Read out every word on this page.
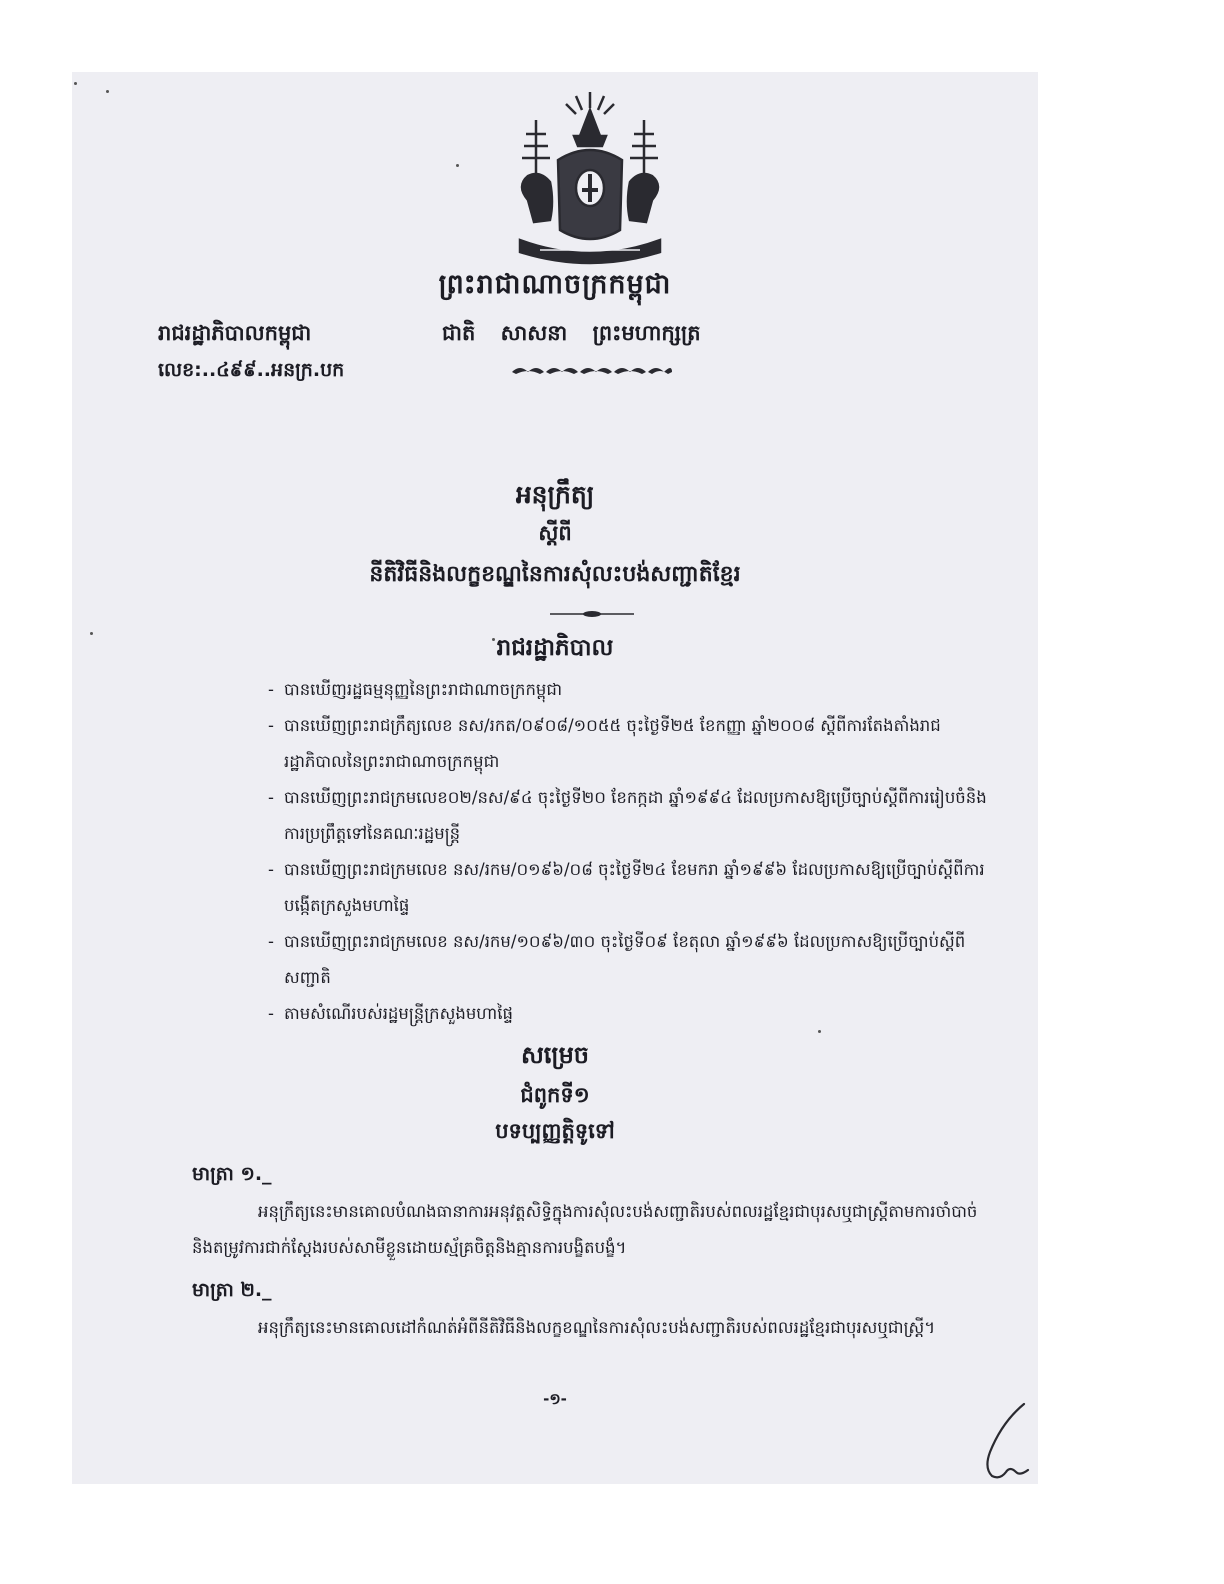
ព្រះរាជាណាចក្រកម្ពុជា
រាជរដ្ឋាភិបាលកម្ពុជា	ជាតិ សាសនា ព្រះមហាក្សត្រ
លេខ:..៤៩៩..អនក្រ.បក
អនុក្រឹត្យ
ស្តីពី
នីតិវិធីនិងលក្ខខណ្ឌនៃការសុំលះបង់សញ្ជាតិខ្មែរ
រាជរដ្ឋាភិបាល
- បានឃើញរដ្ឋធម្មនុញ្ញនៃព្រះរាជាណាចក្រកម្ពុជា
- បានឃើញព្រះរាជក្រឹត្យលេខ នស/រកត/០៩០៨/១០៥៥ ចុះថ្ងៃទី២៥ ខែកញ្ញា ឆ្នាំ២០០៨ ស្តីពីការតែងតាំងរាជរដ្ឋាភិបាលនៃព្រះរាជាណាចក្រកម្ពុជា
- បានឃើញព្រះរាជក្រមលេខ០២/នស/៩៤ ចុះថ្ងៃទី២០ ខែកក្កដា ឆ្នាំ១៩៩៤ ដែលប្រកាសឱ្យប្រើច្បាប់ស្តីពីការរៀបចំនិងការប្រព្រឹត្តទៅនៃគណៈរដ្ឋមន្ត្រី
- បានឃើញព្រះរាជក្រមលេខ នស/រកម/០១៩៦/០៨ ចុះថ្ងៃទី២៤ ខែមករា ឆ្នាំ១៩៩៦ ដែលប្រកាសឱ្យប្រើច្បាប់ស្តីពីការបង្កើតក្រសួងមហាផ្ទៃ
- បានឃើញព្រះរាជក្រមលេខ នស/រកម/១០៩៦/៣០ ចុះថ្ងៃទី០៩ ខែតុលា ឆ្នាំ១៩៩៦ ដែលប្រកាសឱ្យប្រើច្បាប់ស្តីពីសញ្ជាតិ
- តាមសំណើរបស់រដ្ឋមន្ត្រីក្រសួងមហាផ្ទៃ
សម្រេច
ជំពូកទី១
បទប្បញ្ញត្តិទូទៅ
មាត្រា ១._

អនុក្រឹត្យនេះមានគោលបំណងធានាការអនុវត្តសិទ្ធិក្នុងការសុំលះបង់សញ្ជាតិរបស់ពលរដ្ឋខ្មែរជាបុរសឬជាស្ត្រីតាមការចាំបាច់និងតម្រូវការជាក់ស្តែងរបស់សាមីខ្លួនដោយស្ម័គ្រចិត្តនិងគ្មានការបង្ខិតបង្ខំ។

មាត្រា ២._

អនុក្រឹត្យនេះមានគោលដៅកំណត់អំពីនីតិវិធីនិងលក្ខខណ្ឌនៃការសុំលះបង់សញ្ជាតិរបស់ពលរដ្ឋខ្មែរជាបុរសឬជាស្ត្រី។

-១-
